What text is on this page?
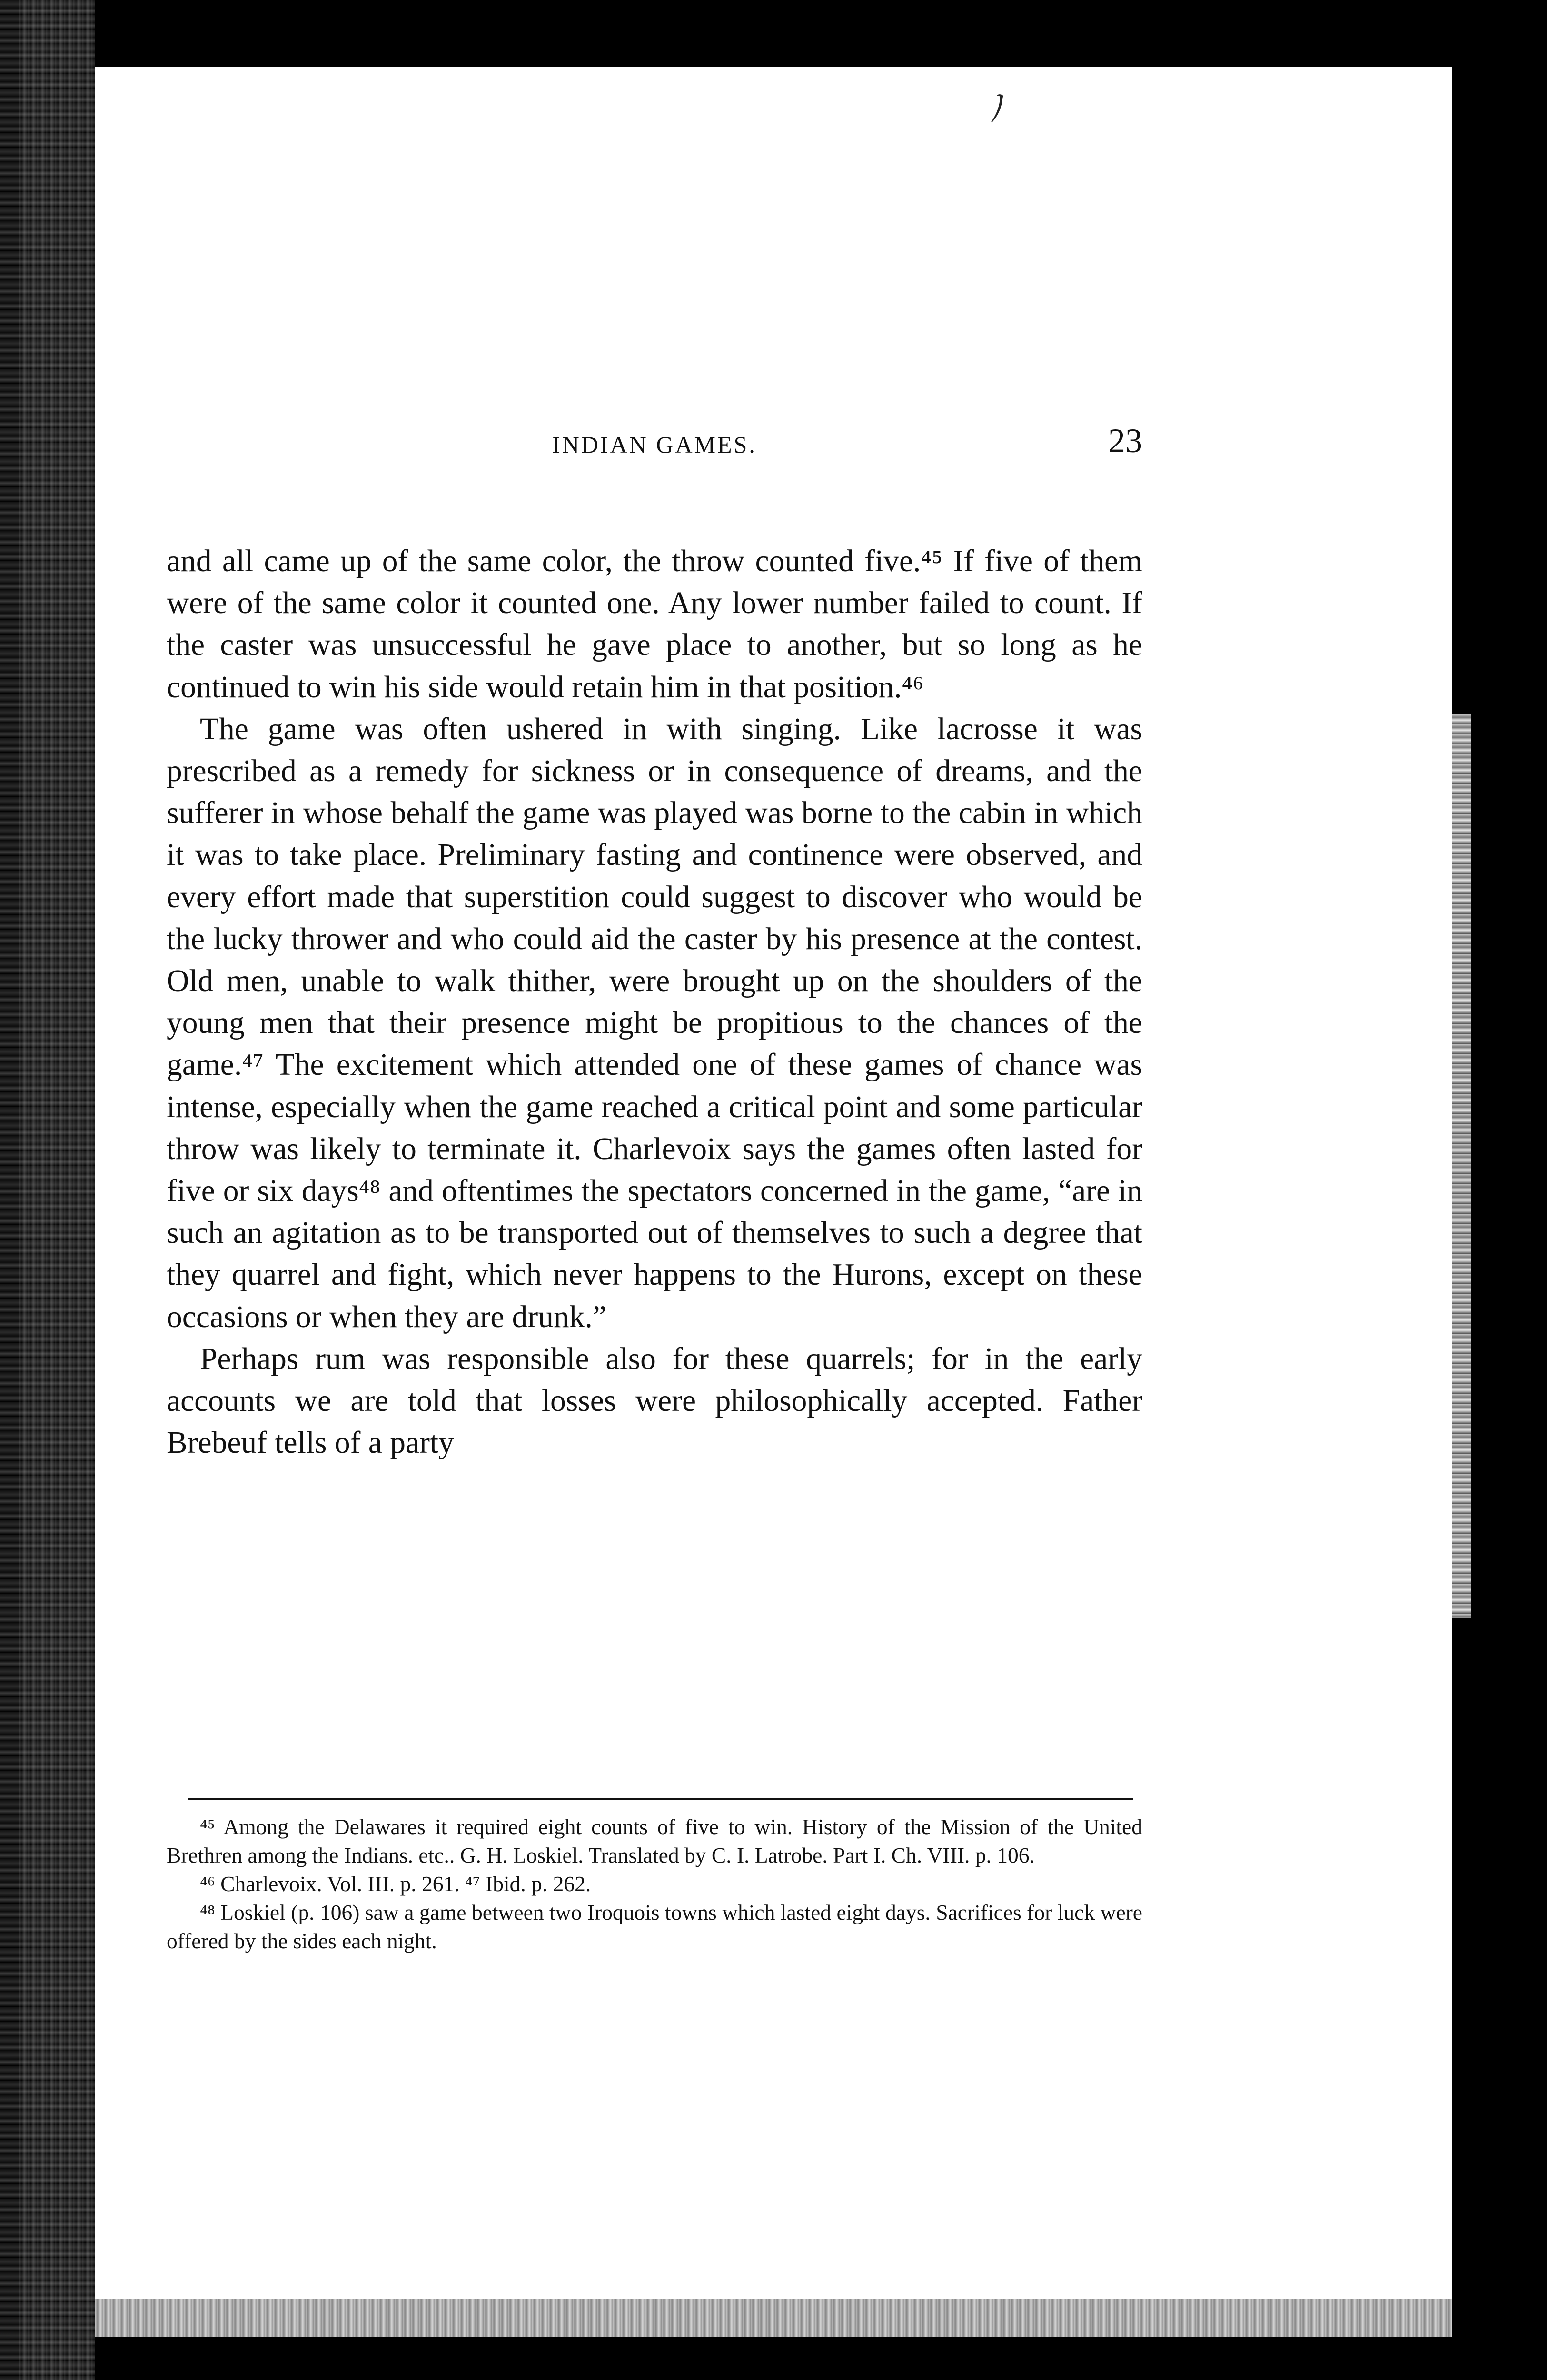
ノ
INDIAN GAMES.	23

and all came up of the same color, the throw counted five.⁴⁵ If five of them were of the same color it counted one. Any lower number failed to count. If the caster was unsuccessful he gave place to another, but so long as he continued to win his side would retain him in that position.⁴⁶

The game was often ushered in with singing. Like lacrosse it was prescribed as a remedy for sickness or in consequence of dreams, and the sufferer in whose behalf the game was played was borne to the cabin in which it was to take place. Preliminary fasting and continence were observed, and every effort made that superstition could suggest to discover who would be the lucky thrower and who could aid the caster by his presence at the contest. Old men, unable to walk thither, were brought up on the shoulders of the young men that their presence might be propitious to the chances of the game.⁴⁷ The excitement which attended one of these games of chance was intense, especially when the game reached a critical point and some particular throw was likely to terminate it. Charlevoix says the games often lasted for five or six days⁴⁸ and oftentimes the spectators concerned in the game, “are in such an agitation as to be transported out of themselves to such a degree that they quarrel and fight, which never happens to the Hurons, except on these occasions or when they are drunk.”

Perhaps rum was responsible also for these quarrels; for in the early accounts we are told that losses were philosophically accepted. Father Brebeuf tells of a party

⁴⁵ Among the Delawares it required eight counts of five to win. History of the Mission of the United Brethren among the Indians. etc.. G. H. Loskiel. Translated by C. I. Latrobe. Part I. Ch. VIII. p. 106.

⁴⁶ Charlevoix. Vol. III. p. 261. ⁴⁷ Ibid. p. 262.

⁴⁸ Loskiel (p. 106) saw a game between two Iroquois towns which lasted eight days. Sacrifices for luck were offered by the sides each night.
